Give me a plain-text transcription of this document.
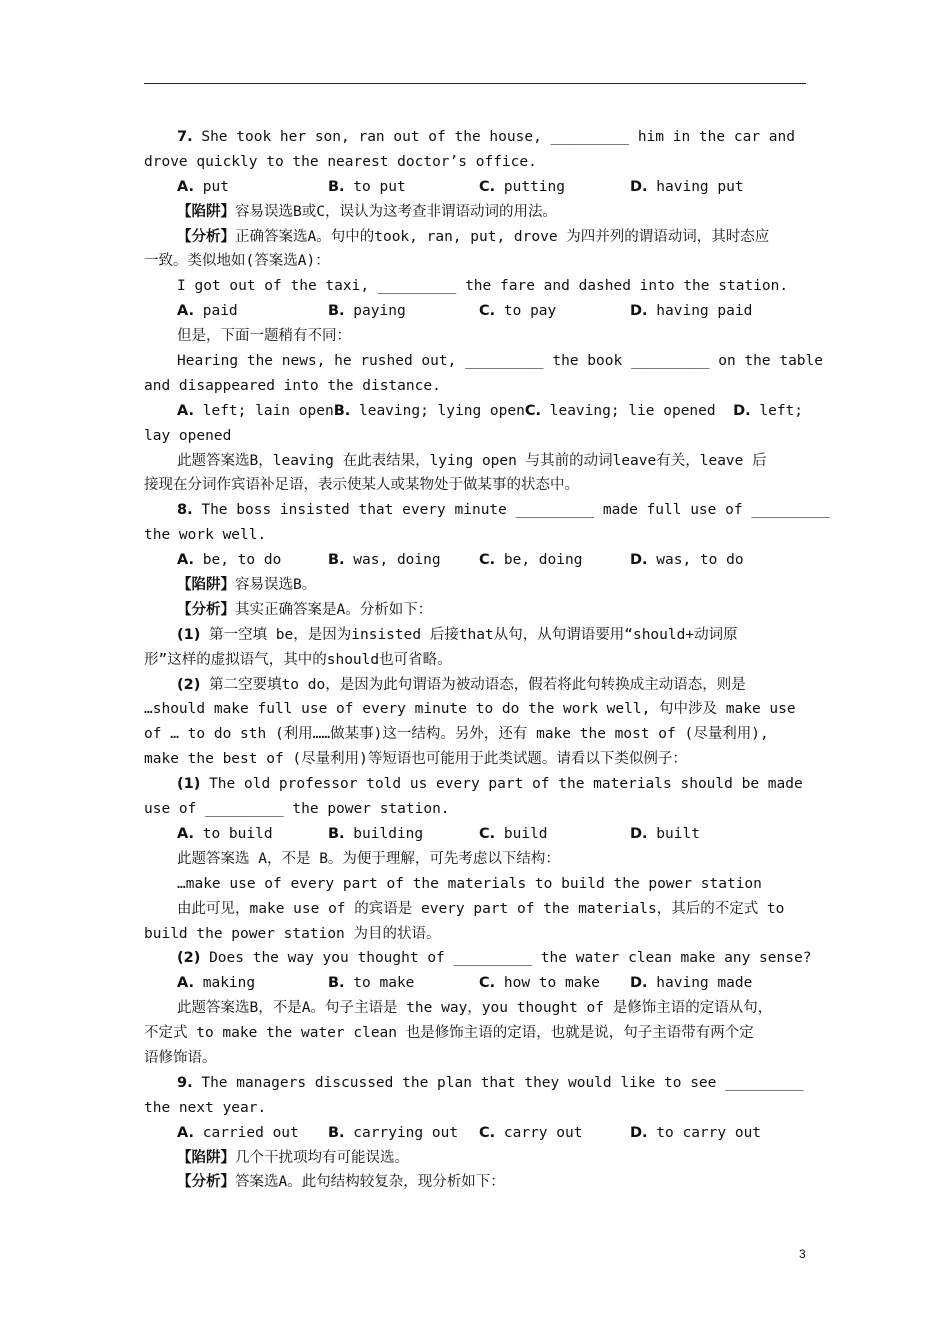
7. She took her son, ran out of the house, _________ him in the car and
drove quickly to the nearest doctor’s office.
A. put	B. to put	C. putting	D. having put
【陷阱】容易误选B或C，误认为这考查非谓语动词的用法。
【分析】正确答案选A。句中的took, ran, put, drove 为四并列的谓语动词，其时态应
一致。类似地如(答案选A)：
I got out of the taxi, _________ the fare and dashed into the station.
A. paid	B. paying	C. to pay	D. having paid
但是，下面一题稍有不同：
Hearing the news, he rushed out, _________ the book _________ on the table
and disappeared into the distance.
A. left; lain openB. leaving; lying openC. leaving; lie opened  D. left;
lay opened
此题答案选B，leaving 在此表结果，lying open 与其前的动词leave有关，leave 后
接现在分词作宾语补足语，表示使某人或某物处于做某事的状态中。
8. The boss insisted that every minute _________ made full use of _________
the work well.
A. be, to do	B. was, doing	C. be, doing	D. was, to do
【陷阱】容易误选B。
【分析】其实正确答案是A。分析如下：
(1) 第一空填 be，是因为insisted 后接that从句，从句谓语要用“should+动词原
形”这样的虚拟语气，其中的should也可省略。
(2) 第二空要填to do，是因为此句谓语为被动语态，假若将此句转换成主动语态，则是
…should make full use of every minute to do the work well, 句中涉及 make use
of … to do sth (利用……做某事)这一结构。另外，还有 make the most of (尽量利用),
make the best of (尽量利用)等短语也可能用于此类试题。请看以下类似例子：
(1) The old professor told us every part of the materials should be made
use of _________ the power station.
A. to build	B. building	C. build	D. built
此题答案选 A，不是 B。为便于理解，可先考虑以下结构：
…make use of every part of the materials to build the power station
由此可见，make use of 的宾语是 every part of the materials，其后的不定式 to
build the power station 为目的状语。
(2) Does the way you thought of _________ the water clean make any sense?
A. making	B. to make	C. how to make D. having made
此题答案选B，不是A。句子主语是 the way，you thought of 是修饰主语的定语从句，
不定式 to make the water clean 也是修饰主语的定语，也就是说，句子主语带有两个定
语修饰语。
9. The managers discussed the plan that they would like to see _________
the next year.
A. carried out B. carrying out C. carry out	D. to carry out
【陷阱】几个干扰项均有可能误选。
【分析】答案选A。此句结构较复杂，现分析如下：
3
